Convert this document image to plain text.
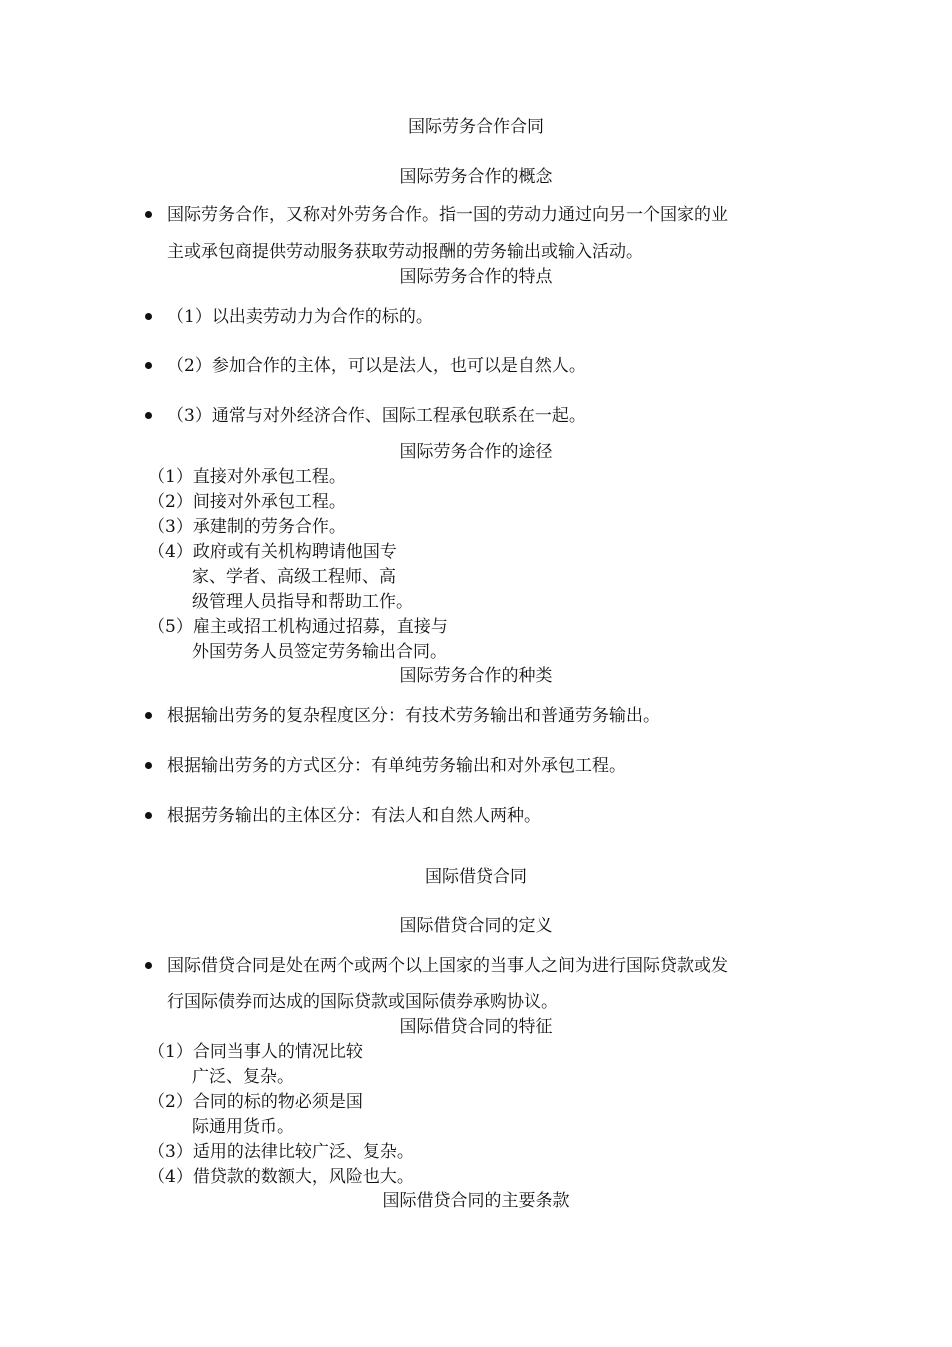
国际劳务合作合同
国际劳务合作的概念
国际劳务合作，又称对外劳务合作。指一国的劳动力通过向另一个国家的业
主或承包商提供劳动服务获取劳动报酬的劳务输出或输入活动。
国际劳务合作的特点
（1）以出卖劳动力为合作的标的。
（2）参加合作的主体，可以是法人，也可以是自然人。
（3）通常与对外经济合作、国际工程承包联系在一起。
国际劳务合作的途径
（1）直接对外承包工程。
（2）间接对外承包工程。
（3）承建制的劳务合作。
（4）政府或有关机构聘请他国专
家、学者、高级工程师、高
级管理人员指导和帮助工作。
（5）雇主或招工机构通过招募，直接与
外国劳务人员签定劳务输出合同。
国际劳务合作的种类
根据输出劳务的复杂程度区分：有技术劳务输出和普通劳务输出。
根据输出劳务的方式区分：有单纯劳务输出和对外承包工程。
根据劳务输出的主体区分：有法人和自然人两种。
国际借贷合同
国际借贷合同的定义
国际借贷合同是处在两个或两个以上国家的当事人之间为进行国际贷款或发
行国际债券而达成的国际贷款或国际债券承购协议。
国际借贷合同的特征
（1）合同当事人的情况比较
广泛、复杂。
（2）合同的标的物必须是国
际通用货币。
（3）适用的法律比较广泛、复杂。
（4）借贷款的数额大，风险也大。
国际借贷合同的主要条款
